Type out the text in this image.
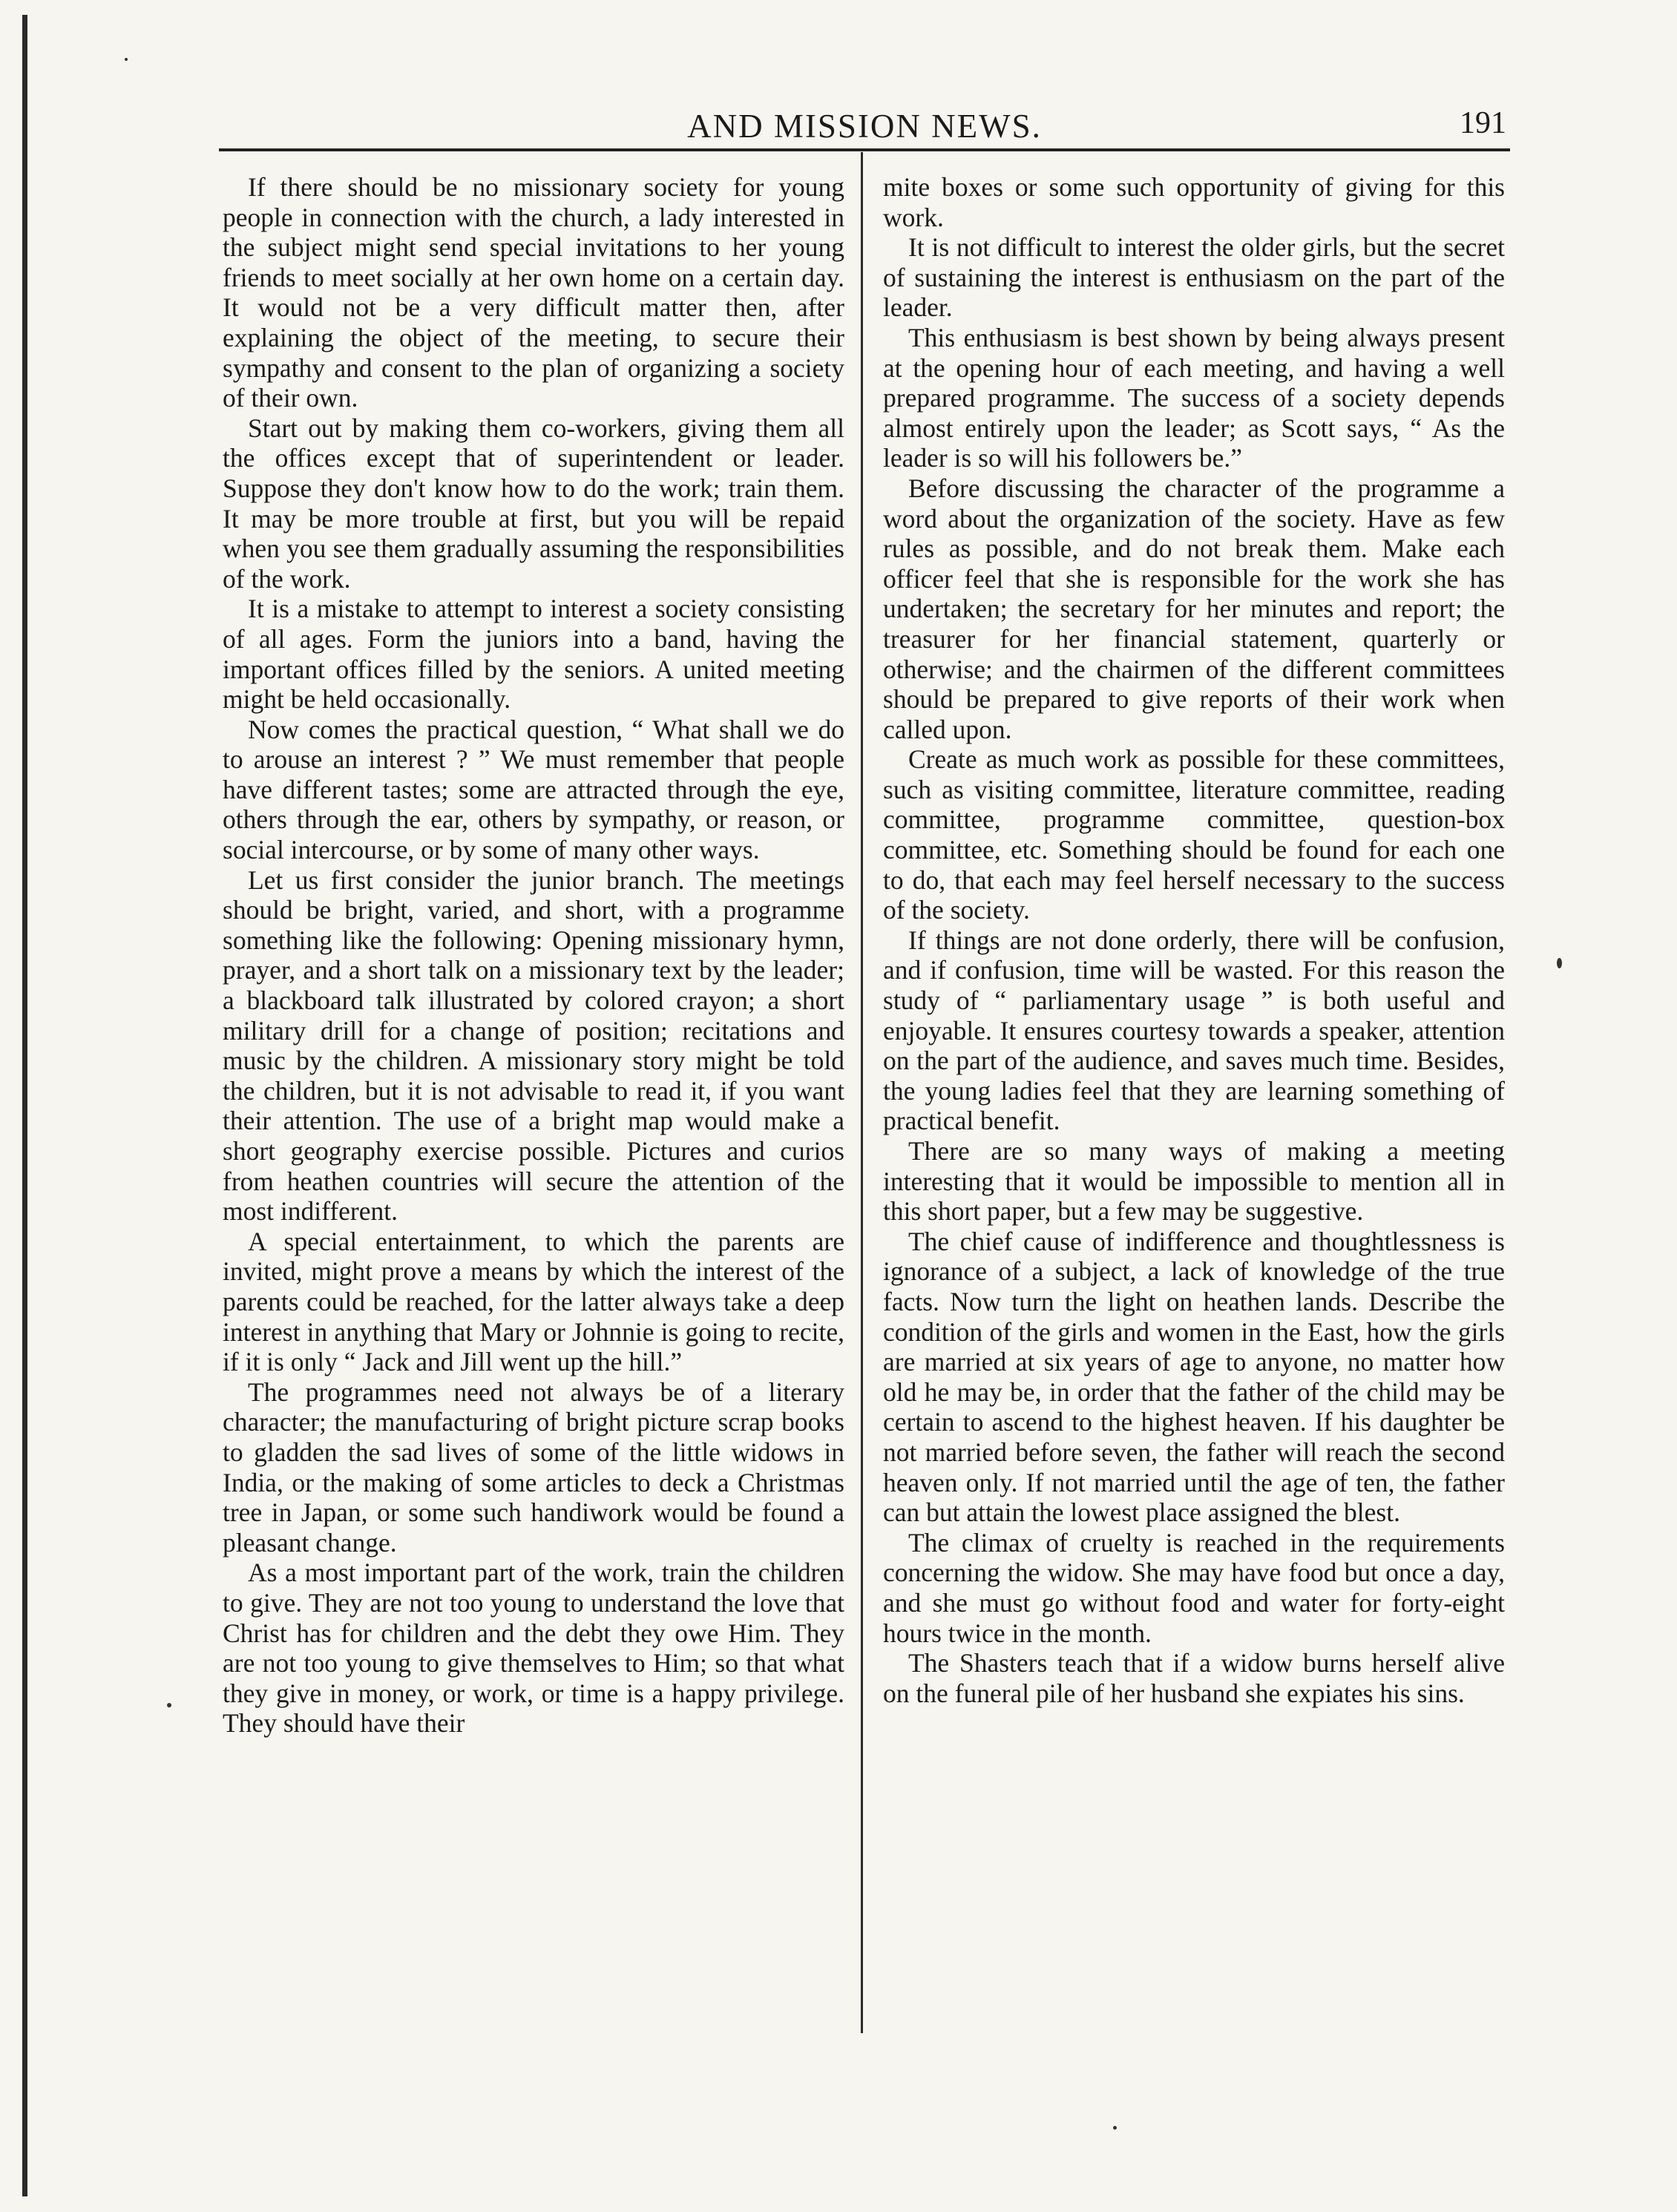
AND MISSION NEWS.	191

If there should be no missionary society for young people in connection with the church, a lady interested in the subject might send special invitations to her young friends to meet socially at her own home on a certain day. It would not be a very difficult matter then, after explaining the object of the meeting, to secure their sympathy and consent to the plan of organizing a society of their own.

Start out by making them co-workers, giving them all the offices except that of superintendent or leader. Suppose they don't know how to do the work; train them. It may be more trouble at first, but you will be repaid when you see them gradually assuming the responsibilities of the work.

It is a mistake to attempt to interest a society consisting of all ages. Form the juniors into a band, having the important offices filled by the seniors. A united meeting might be held occasionally.

Now comes the practical question, “ What shall we do to arouse an interest ? ” We must remember that people have different tastes; some are attracted through the eye, others through the ear, others by sympathy, or reason, or social intercourse, or by some of many other ways.

Let us first consider the junior branch. The meetings should be bright, varied, and short, with a programme something like the following: Opening missionary hymn, prayer, and a short talk on a missionary text by the leader; a blackboard talk illustrated by colored crayon; a short military drill for a change of position; recitations and music by the children. A missionary story might be told the children, but it is not advisable to read it, if you want their attention. The use of a bright map would make a short geography exercise possible. Pictures and curios from heathen countries will secure the attention of the most indifferent.

A special entertainment, to which the parents are invited, might prove a means by which the interest of the parents could be reached, for the latter always take a deep interest in anything that Mary or Johnnie is going to recite, if it is only “ Jack and Jill went up the hill.”

The programmes need not always be of a literary character; the manufacturing of bright picture scrap books to gladden the sad lives of some of the little widows in India, or the making of some articles to deck a Christmas tree in Japan, or some such handiwork would be found a pleasant change.

As a most important part of the work, train the children to give. They are not too young to understand the love that Christ has for children and the debt they owe Him. They are not too young to give themselves to Him; so that what they give in money, or work, or time is a happy privilege. They should have their

mite boxes or some such opportunity of giving for this work.

It is not difficult to interest the older girls, but the secret of sustaining the interest is enthusiasm on the part of the leader.

This enthusiasm is best shown by being always present at the opening hour of each meeting, and having a well prepared programme. The success of a society depends almost entirely upon the leader; as Scott says, “ As the leader is so will his followers be.”

Before discussing the character of the programme a word about the organization of the society. Have as few rules as possible, and do not break them. Make each officer feel that she is responsible for the work she has undertaken; the secretary for her minutes and report; the treasurer for her financial statement, quarterly or otherwise; and the chairmen of the different committees should be prepared to give reports of their work when called upon.

Create as much work as possible for these committees, such as visiting committee, literature committee, reading committee, programme committee, question-box committee, etc. Something should be found for each one to do, that each may feel herself necessary to the success of the society.

If things are not done orderly, there will be confusion, and if confusion, time will be wasted. For this reason the study of “ parliamentary usage ” is both useful and enjoyable. It ensures courtesy towards a speaker, attention on the part of the audience, and saves much time. Besides, the young ladies feel that they are learning something of practical benefit.

There are so many ways of making a meeting interesting that it would be impossible to mention all in this short paper, but a few may be suggestive.

The chief cause of indifference and thoughtlessness is ignorance of a subject, a lack of knowledge of the true facts. Now turn the light on heathen lands. Describe the condition of the girls and women in the East, how the girls are married at six years of age to anyone, no matter how old he may be, in order that the father of the child may be certain to ascend to the highest heaven. If his daughter be not married before seven, the father will reach the second heaven only. If not married until the age of ten, the father can but attain the lowest place assigned the blest.

The climax of cruelty is reached in the requirements concerning the widow. She may have food but once a day, and she must go without food and water for forty-eight hours twice in the month.

The Shasters teach that if a widow burns herself alive on the funeral pile of her husband she expiates his sins.
